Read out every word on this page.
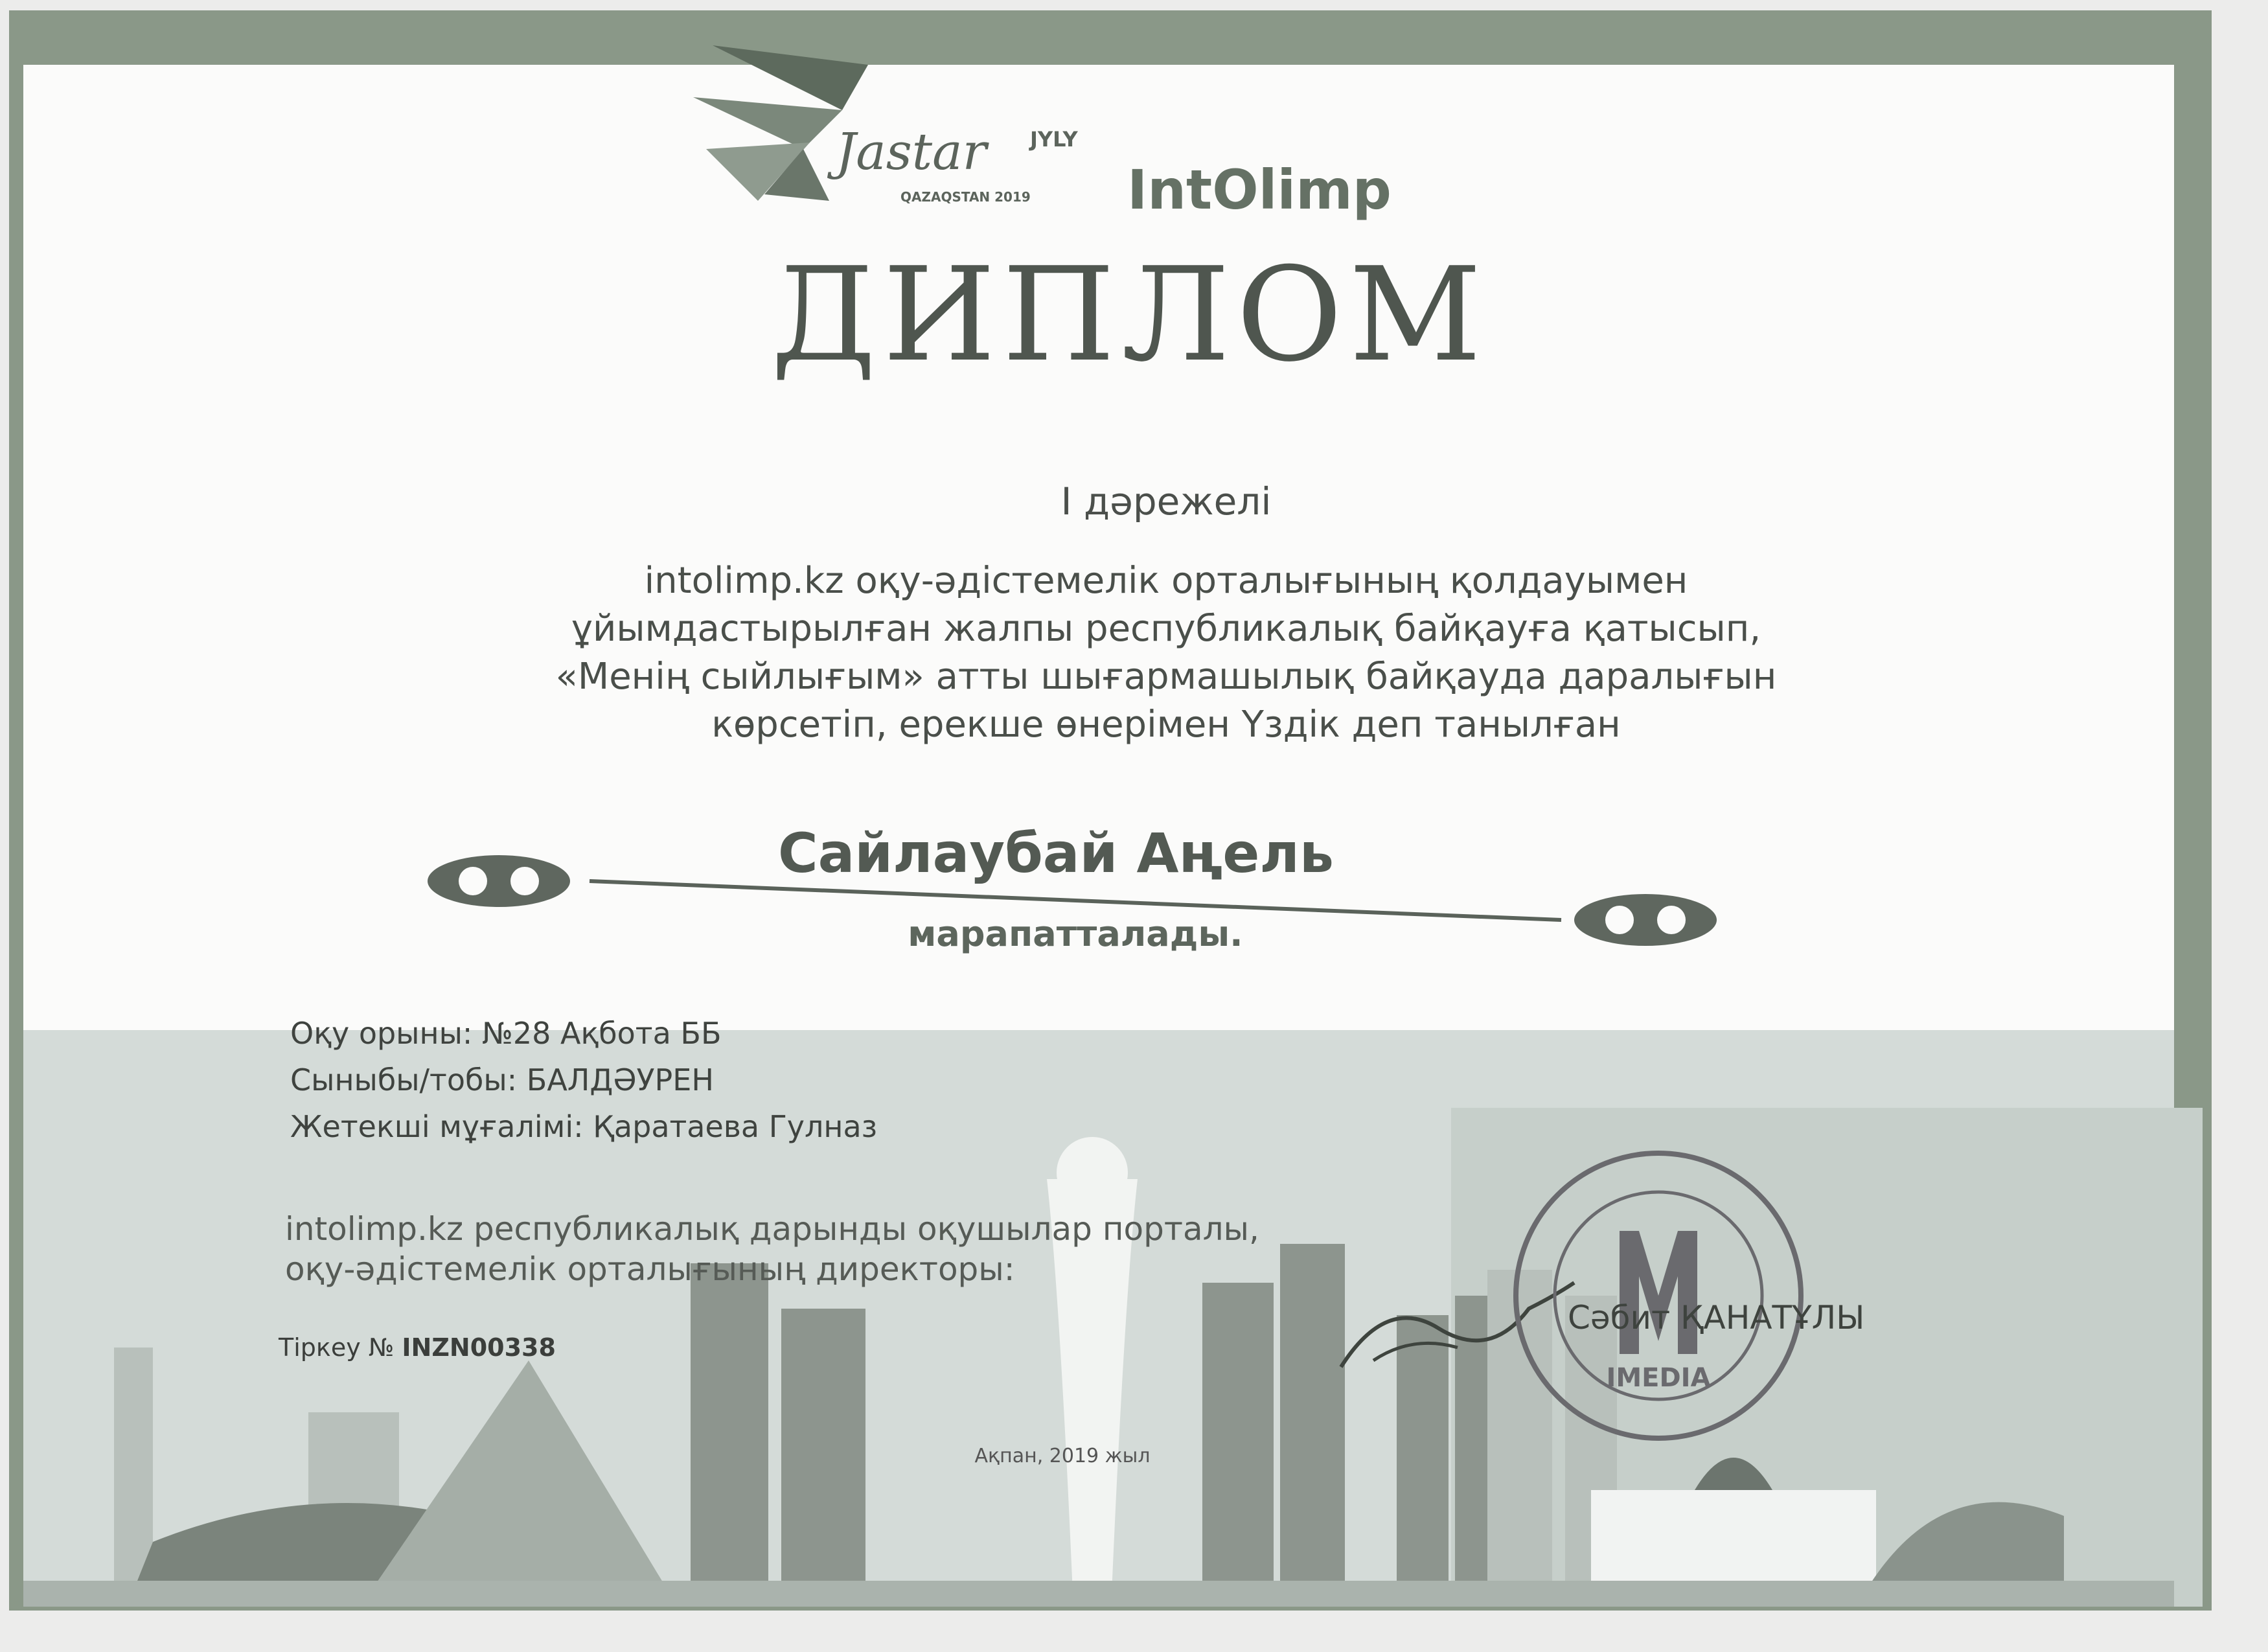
Jastar JYLY
QAZAQSTAN 2019 IntOlimp
ДИПЛОМ
І дәрежелі
intolimp.kz оқу-әдістемелік орталығының қолдауымен
ұйымдастырылған жалпы республикалық байқауға қатысып,
«Менің сыйлығым» атты шығармашылық байқауда даралығын
көрсетіп, ерекше өнерімен Үздік деп танылған
Сайлаубай Аңель
марапатталады.
Оқу орыны: №28 Ақбота ББ
Сыныбы/тобы: БАЛДӘУРЕН
Жетекші мұғалімі: Қаратаева Гулназ
intolimp.kz республикалық дарынды оқушылар порталы,
оқу-әдістемелік орталығының директоры:
Тіркеу № INZN00338
IMEDIA
Сәбит ҚАНАТҰЛЫ
Ақпан, 2019 жыл
